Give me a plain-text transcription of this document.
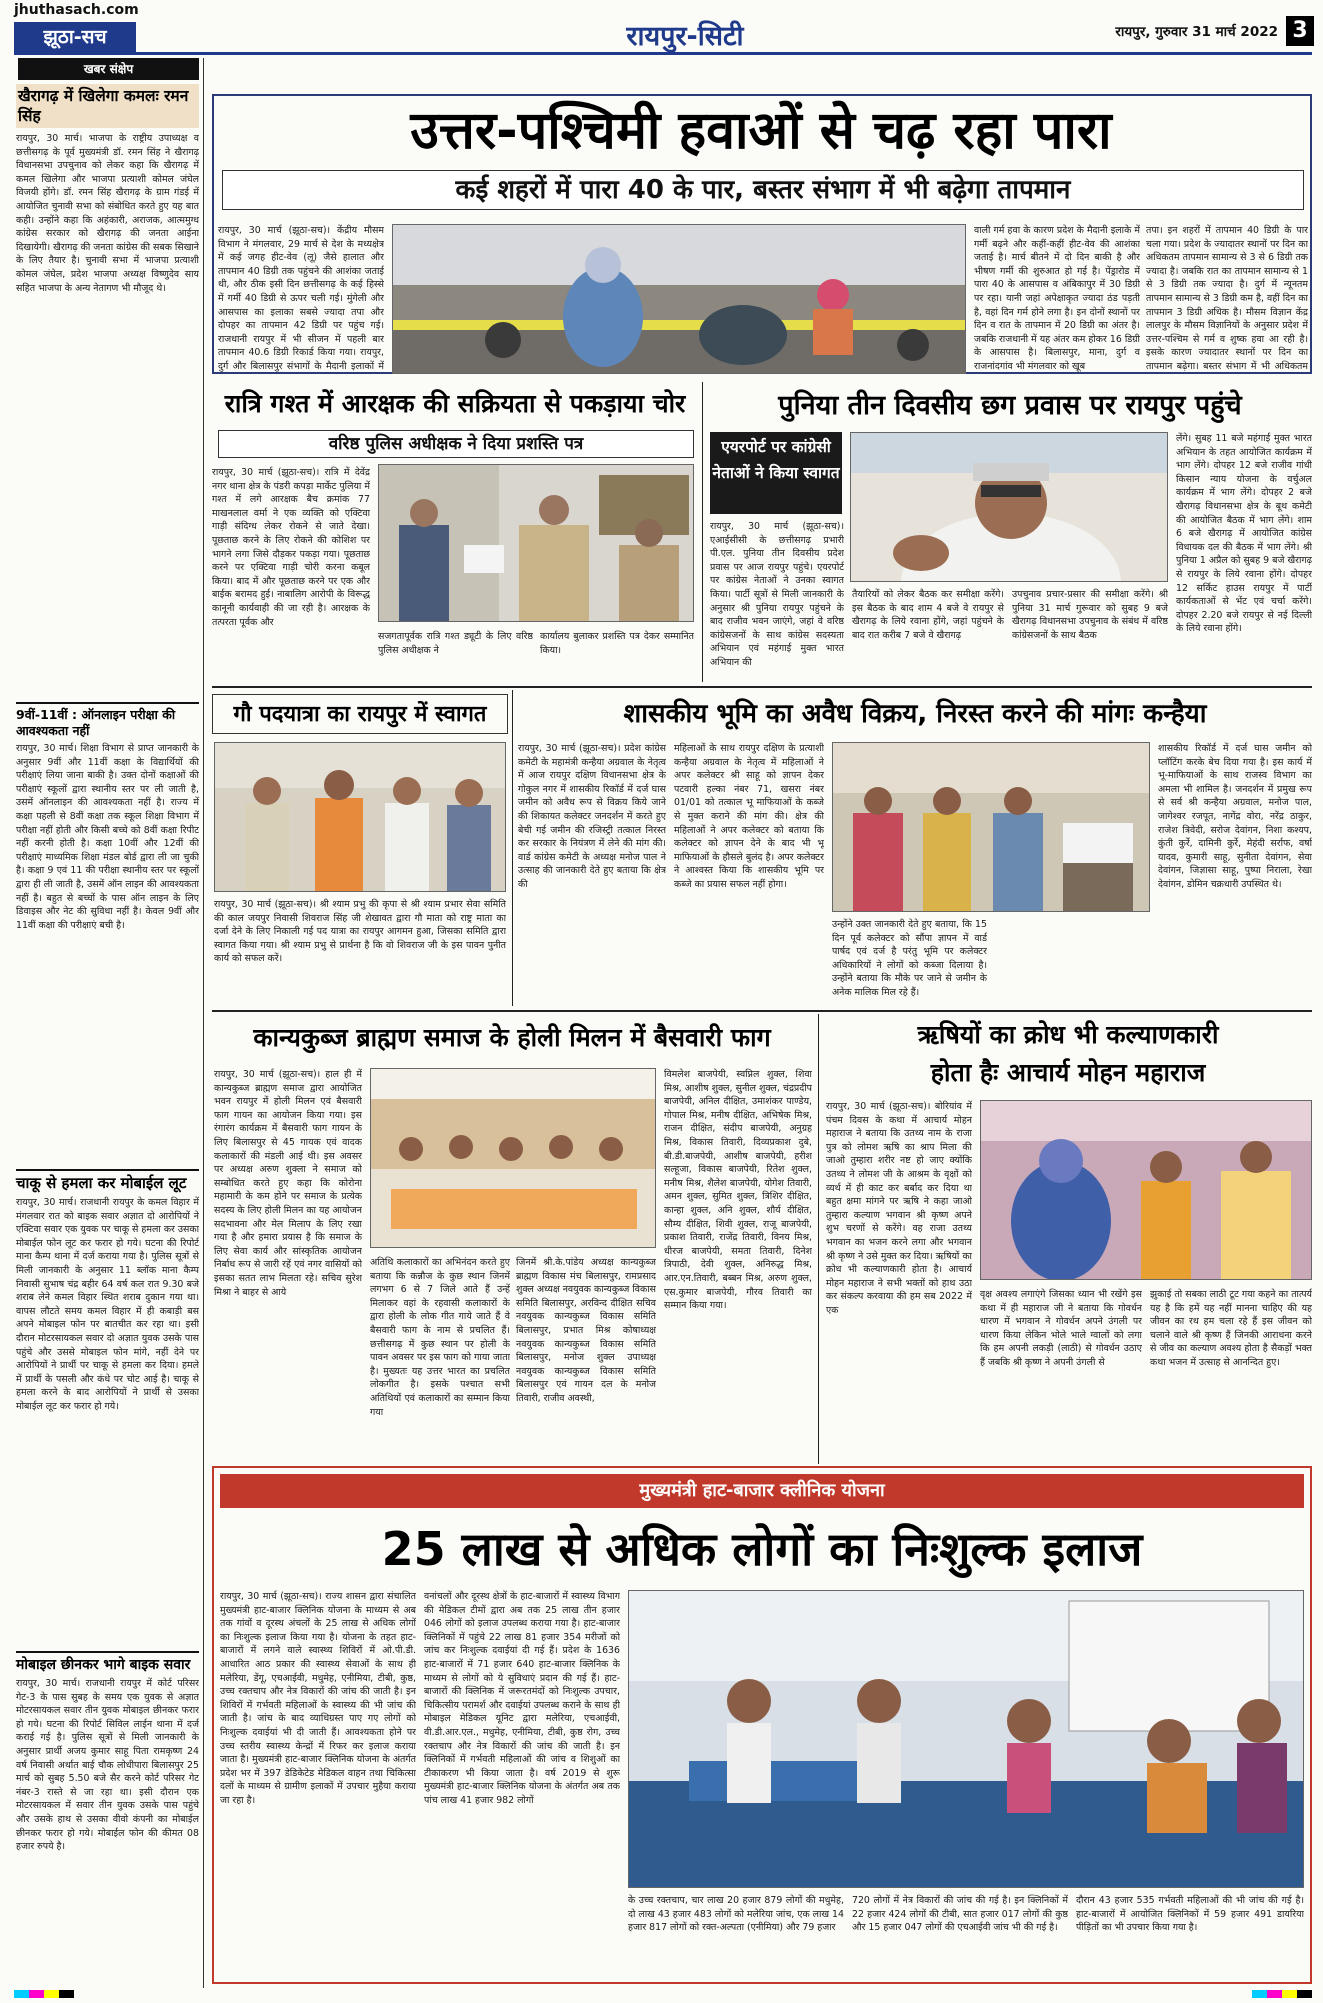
jhuthasach.com
झूठा-सच	रायपुर-सिटी	रायपुर, गुरुवार 31 मार्च 2022 3
खबर संक्षेप
खैरागढ़ में खिलेगा कमलः रमन सिंह
रायपुर, 30 मार्च। भाजपा के राष्ट्रीय उपाध्यक्ष व छत्तीसगढ़ के पूर्व मुख्यमंत्री डॉ. रमन सिंह ने खैरागढ़ विधानसभा उपचुनाव को लेकर कहा कि खैरागढ़ में कमल खिलेगा और भाजपा प्रत्याशी कोमल जंघेल विजयी होंगे। डॉ. रमन सिंह खैरागढ़ के ग्राम गंडई में आयोजित चुनावी सभा को संबोधित करते हुए यह बात कही। उन्होंने कहा कि अहंकारी, अराजक, आत्ममुग्ध कांग्रेस सरकार को खैरागढ़ की जनता आईना दिखायेगी। खैरागढ़ की जनता कांग्रेस की सबक सिखाने के लिए तैयार है। चुनावी सभा में भाजपा प्रत्याशी कोमल जंघेल, प्रदेश भाजपा अध्यक्ष विष्णुदेव साय सहित भाजपा के अन्य नेतागण भी मौजूद थे।
9वीं-11वीं : ऑनलाइन परीक्षा की आवश्यकता नहीं
रायपुर, 30 मार्च। शिक्षा विभाग से प्राप्त जानकारी के अनुसार 9वीं और 11वीं कक्षा के विद्यार्थियों की परीक्षाएं लिया जाना बाकी है। उक्त दोनों कक्षाओं की परीक्षाएं स्कूलों द्वारा स्थानीय स्तर पर ली जाती है, उसमें ऑनलाइन की आवश्यकता नहीं है। राज्य में कक्षा पहली से 8वीं कक्षा तक स्कूल शिक्षा विभाग में परीक्षा नहीं होती और किसी बच्चे को 8वीं कक्षा रिपीट नहीं करनी होती है। कक्षा 10वीं और 12वीं की परीक्षाएं माध्यमिक शिक्षा मंडल बोर्ड द्वारा ली जा चुकी है। कक्षा 9 एवं 11 की परीक्षा स्थानीय स्तर पर स्कूलों द्वारा ही ली जाती है, उसमें ऑन लाइन की आवश्यकता नहीं है। बहुत से बच्चों के पास ऑन लाइन के लिए डिवाइस और नेट की सुविधा नहीं है। केवल 9वीं और 11वीं कक्षा की परीक्षाएं बची है।
चाकू से हमला कर मोबाईल लूट
रायपुर, 30 मार्च। राजधानी रायपुर के कमल विहार में मंगलवार रात को बाइक सवार अज्ञात दो आरोपियों ने एक्टिवा सवार एक युवक पर चाकू से हमला कर उसका मोबाईल फोन लूट कर फरार हो गये। घटना की रिपोर्ट माना कैम्प थाना में दर्ज कराया गया है। पुलिस सूत्रों से मिली जानकारी के अनुसार 11 ब्लॉक माना कैम्प निवासी सुभाष चंद्र बहीर 64 वर्ष कल रात 9.30 बजे शराब लेने कमल विहार स्थित शराब दुकान गया था। वापस लौटते समय कमल विहार में ही कबाड़ी बस अपने मोबाइल फोन पर बातचीत कर रहा था। इसी दौरान मोटरसायकल सवार दो अज्ञात युवक उसके पास पहुंचे और उससे मोबाइल फोन मांगे, नहीं देने पर आरोपियों ने प्रार्थी पर चाकू से हमला कर दिया। हमले में प्रार्थी के पसली और कंधे पर चोट आई है। चाकू से हमला करने के बाद आरोपियों ने प्रार्थी से उसका मोबाईल लूट कर फरार हो गये।
मोबाइल छीनकर भागे बाइक सवार
रायपुर, 30 मार्च। राजधानी रायपुर में कोर्ट परिसर गेट-3 के पास सुबह के समय एक युवक से अज्ञात मोटरसायकल सवार तीन युवक मोबाइल छीनकर फरार हो गये। घटना की रिपोर्ट सिविल लाईन थाना में दर्ज कराई गई है। पुलिस सूत्रों से मिली जानकारी के अनुसार प्रार्थी अजय कुमार साहू पिता रामकृष्ण 24 वर्ष निवासी अर्थात बाई चौक लोधीपारा बिलासपुर 25 मार्च को सुबह 5.50 बजे सैर करने कोर्ट परिसर गेट नंबर-3 रास्ते से जा रहा था। इसी दौरान एक मोटरसायकल में सवार तीन युवक उसके पास पहुंचे और उसके हाथ से उसका वीवो कंपनी का मोबाईल छीनकर फरार हो गये। मोबाईल फोन की कीमत 08 हजार रुपये है।
उत्तर-पश्चिमी हवाओं से चढ़ रहा पारा
कई शहरों में पारा 40 के पार, बस्तर संभाग में भी बढ़ेगा तापमान
रायपुर, 30 मार्च (झूठा-सच)। केंद्रीय मौसम विभाग ने मंगलवार, 29 मार्च से देश के मध्यक्षेत्र में कई जगह हीट-वेव (लू) जैसे हालात और तापमान 40 डिग्री तक पहुंचने की आशंका जताई थी, और ठीक इसी दिन छत्तीसगढ़ के कई हिस्से में गर्मी 40 डिग्री से ऊपर चली गई। मुंगेली और आसपास का इलाका सबसे ज्यादा तपा और दोपहर का तापमान 42 डिग्री पर पहुंच गई। राजधानी रायपुर में भी सीजन में पहली बार तापमान 40.6 डिग्री रिकार्ड किया गया। रायपुर, दुर्ग और बिलासपुर संभागों के मैदानी इलाकों में
वाली गर्म हवा के कारण प्रदेश के मैदानी इलाके में गर्मी बढ़ने और कहीं-कहीं हीट-वेव की आशंका जताई है। मार्च बीतने में दो दिन बाकी है और भीषण गर्मी की शुरुआत हो गई है। पेंड्रारोड में पारा 40 के आसपास व अंबिकापुर में 30 डिग्री पर रहा। यानी जहां अपेक्षाकृत ज्यादा ठंड पड़ती है, वहां दिन गर्म होने लगा है। इन दोनों स्थानों पर दिन व रात के तापमान में 20 डिग्री का अंतर है। जबकि राजधानी में यह अंतर कम होकर 16 डिग्री के आसपास है। बिलासपुर, माना, दुर्ग व राजनांदगांव भी मंगलवार को खूब
तपा। इन शहरों में तापमान 40 डिग्री के पार चला गया। प्रदेश के ज्यादातर स्थानों पर दिन का अधिकतम तापमान सामान्य से 3 से 6 डिग्री तक ज्यादा है। जबकि रात का तापमान सामान्य से 1 से 3 डिग्री तक ज्यादा है। दुर्ग में न्यूनतम तापमान सामान्य से 3 डिग्री कम है, वहीं दिन का तापमान 3 डिग्री अधिक है। मौसम विज्ञान केंद्र लालपुर के मौसम विज्ञानियों के अनुसार प्रदेश में उत्तर-पश्चिम से गर्म व शुष्क हवा आ रही है। इसके कारण ज्यादातर स्थानों पर दिन का तापमान बढ़ेगा। बस्तर संभाग में भी अधिकतम
रात्रि गश्त में आरक्षक की सक्रियता से पकड़ाया चोर
वरिष्ठ पुलिस अधीक्षक ने दिया प्रशस्ति पत्र
रायपुर, 30 मार्च (झूठा-सच)। रात्रि में देवेंद्र नगर थाना क्षेत्र के पंडरी कपड़ा मार्केट पुलिया में गश्त में लगे आरक्षक बैच क्रमांक 77 माखनलाल वर्मा ने एक व्यक्ति को एक्टिवा गाड़ी संदिग्ध लेकर रोकने से जाते देखा। पूछताछ करने के लिए रोकने की कोशिश पर भागने लगा जिसे दौड़कर पकड़ा गया। पूछताछ करने पर एक्टिवा गाड़ी चोरी करना कबूल किया। बाद में और पूछताछ करने पर एक और बाईक बरामद हुई। नाबालिग आरोपी के विरूद्ध कानूनी कार्यवाही की जा रही है। आरक्षक के तत्परता पूर्वक और
सजगतापूर्वक रात्रि गश्त ड्यूटी के लिए वरिष्ठ पुलिस अधीक्षक ने
कार्यालय बुलाकर प्रशस्ति पत्र देकर सम्मानित किया।
पुनिया तीन दिवसीय छग प्रवास पर रायपुर पहुंचे
एयरपोर्ट पर कांग्रेसी नेताओं ने किया स्वागत
रायपुर, 30 मार्च (झूठा-सच)। एआईसीसी के छत्तीसगढ़ प्रभारी पी.एल. पुनिया तीन दिवसीय प्रदेश प्रवास पर आज रायपुर पहुंचे। एयरपोर्ट पर कांग्रेस नेताओं ने उनका स्वागत किया। पार्टी सूत्रों से मिली जानकारी के अनुसार श्री पुनिया रायपुर पहुंचने के बाद राजीव भवन जाएंगे, जहां वे वरिष्ठ कांग्रेसजनों के साथ कांग्रेस सदस्यता अभियान एवं महंगाई मुक्त भारत अभियान की
तैयारियों को लेकर बैठक कर समीक्षा करेंगे। इस बैठक के बाद शाम 4 बजे वे रायपुर से खैरागढ़ के लिये रवाना होंगे, जहां पहुंचने के बाद रात करीब 7 बजे वे खैरागढ़
उपचुनाव प्रचार-प्रसार की समीक्षा करेंगे। श्री पुनिया 31 मार्च गुरूवार को सुबह 9 बजे खैरागढ़ विधानसभा उपचुनाव के संबंध में वरिष्ठ कांग्रेसजनों के साथ बैठक
लेंगे। सुबह 11 बजे महंगाई मुक्त भारत अभियान के तहत आयोजित कार्यक्रम में भाग लेंगे। दोपहर 12 बजे राजीव गांधी किसान न्याय योजना के वर्चुअल कार्यक्रम में भाग लेंगे। दोपहर 2 बजे खैरागढ़ विधानसभा क्षेत्र के बूथ कमेटी की आयोजित बैठक में भाग लेंगे। शाम 6 बजे खैरागढ़ में आयोजित कांग्रेस विधायक दल की बैठक में भाग लेंगे। श्री पुनिया 1 अप्रैल को सुबह 9 बजे खैरागढ़ से रायपुर के लिये रवाना होंगे। दोपहर 12 सर्किट हाउस रायपुर में पार्टी कार्यकताओं से भेंट एवं चर्चा करेंगे। दोपहर 2.20 बजे रायपुर से नई दिल्ली के लिये रवाना होंगे।
गौ पदयात्रा का रायपुर में स्वागत
रायपुर, 30 मार्च (झूठा-सच)। श्री श्याम प्रभु की कृपा से श्री श्याम प्रभार सेवा समिति की काल जयपुर निवासी शिवराज सिंह जी शेखावत द्वारा गौ माता को राष्ट्र माता का दर्जा देने के लिए निकाली गई पद यात्रा का रायपुर आगमन हुआ, जिसका समिति द्वारा स्वागत किया गया। श्री श्याम प्रभु से प्रार्थना है कि वो शिवराज जी के इस पावन पुनीत कार्य को सफल करें।
शासकीय भूमि का अवैध विक्रय, निरस्त करने की मांगः कन्हैया
रायपुर, 30 मार्च (झूठा-सच)। प्रदेश कांग्रेस कमेटी के महामंत्री कन्हैया अग्रवाल के नेतृत्व में आज रायपुर दक्षिण विधानसभा क्षेत्र के गोकुल नगर में शासकीय रिकॉर्ड में दर्ज घास जमीन को अवैध रूप से विक्रय किये जाने की शिकायत कलेक्टर जनदर्शन में करते हुए बेची गई जमीन की रजिस्ट्री तत्काल निरस्त कर सरकार के नियंत्रण में लेने की मांग की। वार्ड कांग्रेस कमेटी के अध्यक्ष मनोज पाल ने उत्साह की जानकारी देते हुए बताया कि क्षेत्र की
महिलाओं के साथ रायपुर दक्षिण के प्रत्याशी कन्हैया अग्रवाल के नेतृत्व में महिलाओं ने अपर कलेक्टर श्री साहू को ज्ञापन देकर पटवारी हल्का नंबर 71, खसरा नंबर 01/01 को तत्काल भू माफियाओं के कब्जे से मुक्त कराने की मांग की। क्षेत्र की महिलाओं ने अपर कलेक्टर को बताया कि कलेक्टर को ज्ञापन देने के बाद भी भू माफियाओं के हौसले बुलंद है। अपर कलेक्टर ने आश्वस्त किया कि शासकीय भूमि पर कब्जे का प्रयास सफल नहीं होगा।
उन्होंने उक्त जानकारी देते हुए बताया, कि 15 दिन पूर्व कलेक्टर को सौंपा ज्ञापन में वार्ड पार्षद एवं दर्ज है परंतु भूमि पर कलेक्टर अधिकारियों ने लोगों को कब्जा दिलाया है। उन्होंने बताया कि मौके पर जाने से जमीन के अनेक मालिक मिल रहे हैं।
शासकीय रिकॉर्ड में दर्ज घास जमीन को प्लॉटिंग करके बेच दिया गया है। इस कार्य में भू-माफियाओं के साथ राजस्व विभाग का अमला भी शामिल है। जनदर्शन में प्रमुख रूप से सर्व श्री कन्हैया अग्रवाल, मनोज पाल, जागेश्वर रजपूत, नागेंद्र वोरा, नरेंद्र ठाकुर, राजेश त्रिवेदी, सरोज देवांगन, निशा कश्यप, कुंती कुर्रे, दामिनी कुर्रे, मेहंदी सर्राफ, वर्षा यादव, कुमारी साहू, सुनीता देवांगन, सेवा देवांगन, जिज्ञासा साहू, पुष्पा निराला, रेखा देवांगन, डोमिन चक्रधारी उपस्थित थे।
कान्यकुब्ज ब्राह्मण समाज के होली मिलन में बैसवारी फाग
रायपुर, 30 मार्च (झूठा-सच)। हाल ही में कान्यकुब्ज ब्राह्मण समाज द्वारा आयोजित भवन रायपुर में होली मिलन एवं बैसवारी फाग गायन का आयोजन किया गया। इस रंगारंग कार्यक्रम में बैसवारी फाग गायन के लिए बिलासपुर से 45 गायक एवं वादक कलाकारों की मंडली आई थी। इस अवसर पर अध्यक्ष अरुण शुक्ला ने समाज को सम्बोधित करते हुए कहा कि कोरोना महामारी के कम होने पर समाज के प्रत्येक सदस्य के लिए होली मिलन का यह आयोजन सदभावना और मेल मिलाप के लिए रखा गया है और हमारा प्रयास है कि समाज के लिए सेवा कार्य और सांस्कृतिक आयोजन निर्बाध रूप से जारी रहें एवं नगर वासियों को इसका सतत लाभ मिलता रहे। सचिव सुरेश मिश्रा ने बाहर से आये
अतिथि कलाकारों का अभिनंदन करते हुए बताया कि कन्नौज के कुछ स्थान जिनमें लगभग 6 से 7 जिले आते हैं उन्हें मिलाकर वहां के रहवासी कलाकारों के द्वारा होली के लोक गीत गाये जाते हैं वे बैसवारी फाग के नाम से प्रचलित हैं। छत्तीसगढ़ में कुछ स्थान पर होली के पावन अवसर पर इस फाग को गाया जाता है। मुख्यतः यह उत्तर भारत का प्रचलित लोकगीत है। इसके पश्चात सभी अतिथियों एवं कलाकारों का सम्मान किया गया
जिनमें श्री.के.पांडेय अध्यक्ष कान्यकुब्ज ब्राह्मण विकास मंच बिलासपुर, रामप्रसाद शुक्ल अध्यक्ष नवयुवक कान्यकुब्ज विकास समिति बिलासपुर, अरविन्द दीक्षित सचिव नवयुवक कान्यकुब्ज विकास समिति बिलासपुर, प्रभात मिश्र कोषाध्यक्ष नवयुवक कान्यकुब्ज विकास समिति बिलासपुर, मनोज शुक्ल उपाध्यक्ष नवयुवक कान्यकुब्ज विकास समिति बिलासपुर एवं गायन दल के मनोज तिवारी, राजीव अवस्थी,
विमलेश बाजपेयी, स्वप्निल शुक्ल, शिवा मिश्र, आशीष शुक्ल, सुनील शुक्ल, चंद्रप्रदीप बाजपेयी, अनिल दीक्षित, उमाशंकर पाण्डेय, गोपाल मिश्र, मनीष दीक्षित, अभिषेक मिश्र, राजन दीक्षित, संदीप बाजपेयी, अनुग्रह मिश्र, विकास तिवारी, दिव्यप्रकाश दुबे, बी.डी.बाजपेयी, आशीष बाजपेयी, हरीश सल्हूजा, विकास बाजपेयी, रितेश शुक्ल, मनीष मिश्र, शैलेश बाजपेयी, योगेश तिवारी, अमन शुक्ल, सुमित शुक्ल, त्रिशिर दीक्षित, कान्हा शुक्ल, अनि शुक्ल, शौर्य दीक्षित, सौम्य दीक्षित, शिवी शुक्ल, राजू बाजपेयी, प्रकाश तिवारी, राजेंद्र तिवारी, विनय मिश्र, धीरज बाजपेयी, समता तिवारी, दिनेश त्रिपाठी, देवी शुक्ल, अनिरुद्ध मिश्र, आर.एन.तिवारी, बब्बन मिश्र, अरुण शुक्ल, एस.कुमार बाजपेयी, गौरव तिवारी का सम्मान किया गया।
ऋषियों का क्रोध भी कल्याणकारी
होता हैः आचार्य मोहन महाराज
रायपुर, 30 मार्च (झूठा-सच)। बोरियांव में पंचम दिवस के कथा में आचार्य मोहन महाराज ने बताया कि उतथ्य नाम के राजा पुत्र को लोमश ऋषि का श्राप मिला की जाओ तुम्हारा शरीर नष्ट हो जाए क्योंकि उतथ्य ने लोमश जी के आश्रम के वृक्षों को व्यर्थ में ही काट कर बर्बाद कर दिया था बहुत क्षमा मांगने पर ऋषि ने कहा जाओ तुम्हारा कल्याण भगवान श्री कृष्ण अपने शुभ चरणों से करेंगे। वह राजा उतथ्य भगवान का भजन करने लगा और भगवान श्री कृष्ण ने उसे मुक्त कर दिया। ऋषियों का क्रोध भी कल्याणकारी होता है। आचार्य मोहन महाराज ने सभी भक्तों को हाथ उठा कर संकल्प करवाया की हम सब 2022 में एक
वृक्ष अवश्य लगाएंगे जिसका ध्यान भी रखेंगे इस कथा में ही महाराज जी ने बताया कि गोवर्धन धारण में भगवान ने गोवर्धन अपने उंगली पर धारण किया लेकिन भोले भाले ग्वालों को लगा कि हम अपनी लकड़ी (लाठी) से गोवर्धन उठाए हैं जबकि श्री कृष्ण ने अपनी उंगली से
झुकाई तो सबका लाठी टूट गया कहने का तात्पर्य यह है कि हमें यह नहीं मानना चाहिए की यह जीवन का रथ हम चला रहे हैं इस जीवन को चलाने वाले श्री कृष्ण हैं जिनकी आराधना करने से जीव का कल्याण अवश्य होता है सैकड़ों भक्त कथा भजन में उत्साह से आनन्दित हुए।
मुख्यमंत्री हाट-बाजार क्लीनिक योजना
25 लाख से अधिक लोगों का निःशुल्क इलाज
रायपुर, 30 मार्च (झूठा-सच)। राज्य शासन द्वारा संचालित मुख्यमंत्री हाट-बाजार क्लिनिक योजना के माध्यम से अब तक गांवों व दूरस्थ अंचलों के 25 लाख से अधिक लोगों का निःशुल्क इलाज किया गया है। योजना के तहत हाट-बाजारों में लगने वाले स्वास्थ्य शिविरों में ओ.पी.डी. आधारित आठ प्रकार की स्वास्थ्य सेवाओं के साथ ही मलेरिया, डेंगू, एचआईवी, मधुमेह, एनीमिया, टीबी, कुष्ठ, उच्च रक्तचाप और नेत्र विकारों की जांच की जाती है। इन शिविरों में गर्भवती महिलाओं के स्वास्थ्य की भी जांच की जाती है। जांच के बाद व्याधिग्रस्त पाए गए लोगों को निःशुल्क दवाईयां भी दी जाती हैं। आवश्यकता होने पर उच्च स्तरीय स्वास्थ्य केन्द्रों में रिफर कर इलाज कराया जाता है। मुख्यमंत्री हाट-बाजार क्लिनिक योजना के अंतर्गत प्रदेश भर में 397 डेडिकेटेड मेडिकल वाहन तथा चिकित्सा दलों के माध्यम से ग्रामीण इलाकों में उपचार मुहैया कराया जा रहा है।
वनांचलों और दूरस्थ क्षेत्रों के हाट-बाजारों में स्वास्थ्य विभाग की मेडिकल टीमों द्वारा अब तक 25 लाख तीन हजार 046 लोगों को इलाज उपलब्ध कराया गया है। हाट-बाजार क्लिनिकों में पहुंचे 22 लाख 81 हजार 354 मरीजों को जांच कर निःशुल्क दवाईयां दी गई हैं। प्रदेश के 1636 हाट-बाजारों में 71 हजार 640 हाट-बाजार क्लिनिक के माध्यम से लोगों को ये सुविधाएं प्रदान की गई हैं। हाट-बाजारों की क्लिनिक में जरूरतमंदों को निःशुल्क उपचार, चिकित्सीय परामर्श और दवाईयां उपलब्ध कराने के साथ ही मोबाइल मेडिकल यूनिट द्वारा मलेरिया, एचआईवी, वी.डी.आर.एल., मधुमेह, एनीमिया, टीबी, कुष्ठ रोग, उच्च रक्तचाप और नेत्र विकारों की जांच की जाती है। इन क्लिनिकों में गर्भवती महिलाओं की जांच व शिशुओं का टीकाकरण भी किया जाता है। वर्ष 2019 से शुरू मुख्यमंत्री हाट-बाजार क्लिनिक योजना के अंतर्गत अब तक पांच लाख 41 हजार 982 लोगों
के उच्च रक्तचाप, चार लाख 20 हजार 879 लोगों की मधुमेह, दो लाख 43 हजार 483 लोगों को मलेरिया जांच, एक लाख 14 हजार 817 लोगों को रक्त-अल्पता (एनीमिया) और 79 हजार
720 लोगों में नेत्र विकारों की जांच की गई है। इन क्लिनिकों में 22 हजार 424 लोगों की टीबी, सात हजार 017 लोगों की कुष्ठ और 15 हजार 047 लोगों की एचआईवी जांच भी की गई है।
दौरान 43 हजार 535 गर्भवती महिलाओं की भी जांच की गई है। हाट-बाजारों में आयोजित क्लिनिकों में 59 हजार 491 डायरिया पीड़ितों का भी उपचार किया गया है।
